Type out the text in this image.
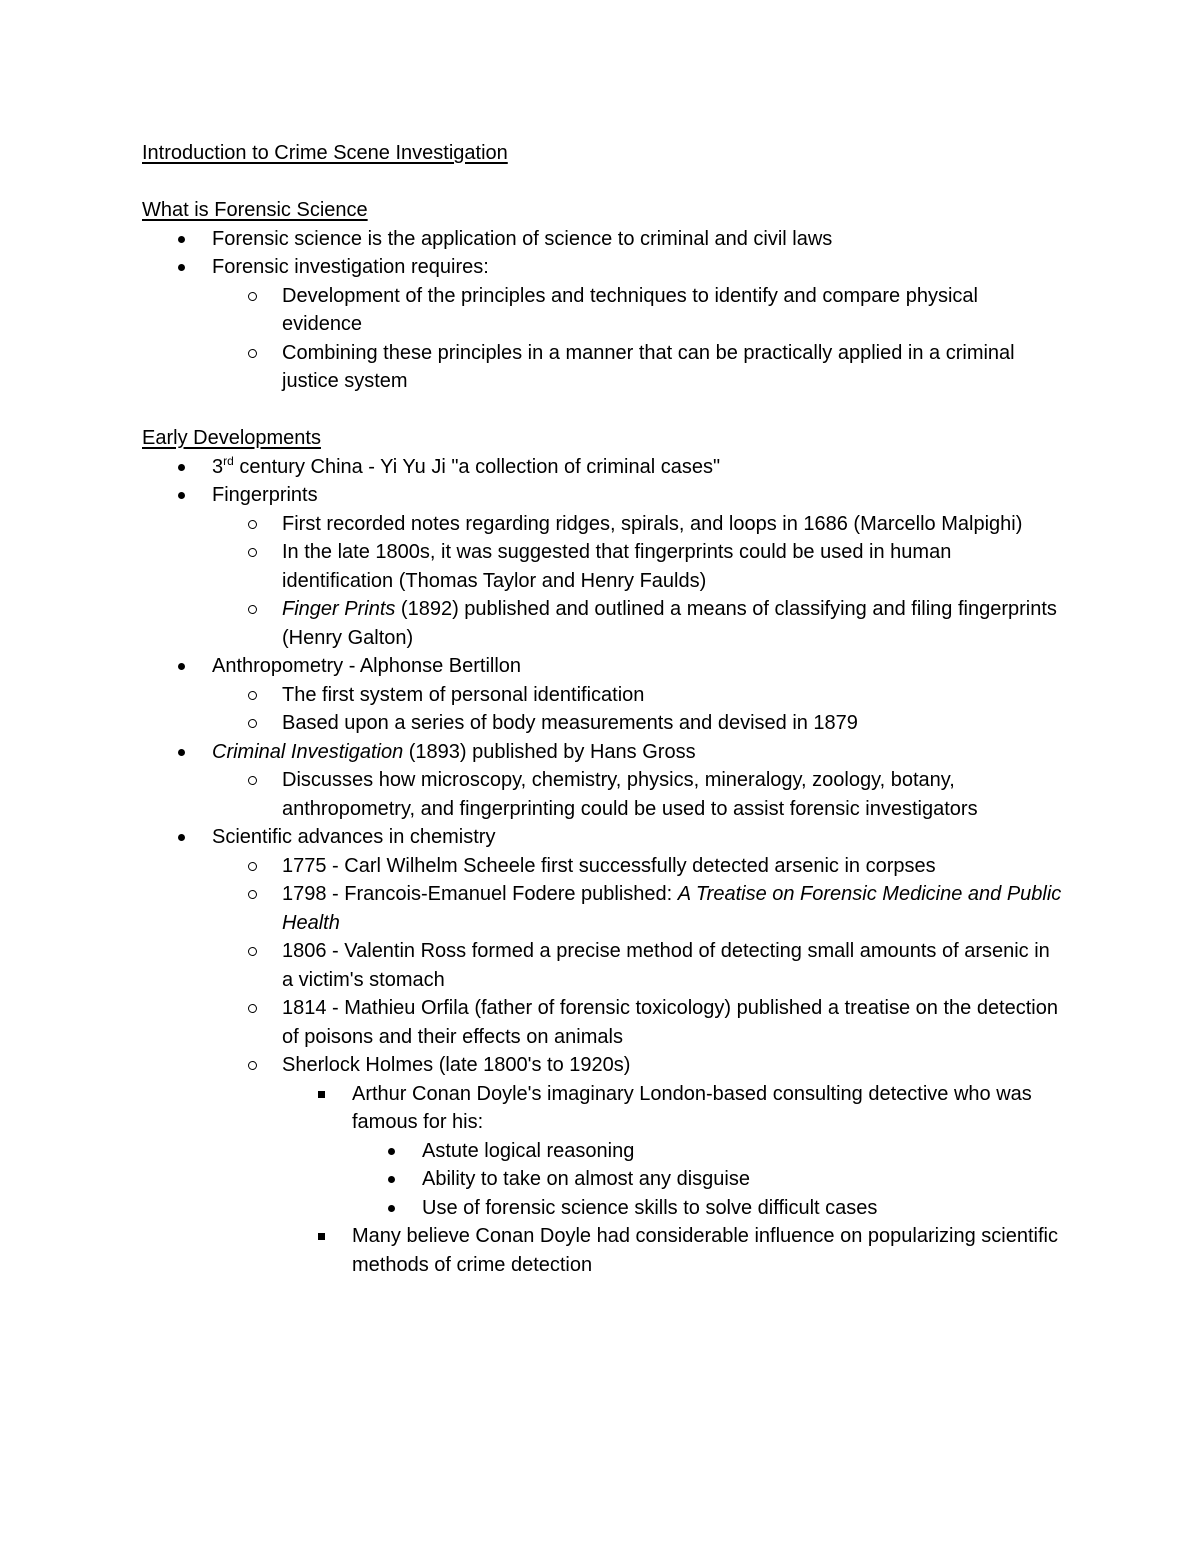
Introduction to Crime Scene Investigation
What is Forensic Science
Forensic science is the application of science to criminal and civil laws
Forensic investigation requires:
Development of the principles and techniques to identify and compare physical evidence
Combining these principles in a manner that can be practically applied in a criminal justice system
Early Developments
3rd century China - Yi Yu Ji "a collection of criminal cases"
Fingerprints
First recorded notes regarding ridges, spirals, and loops in 1686 (Marcello Malpighi)
In the late 1800s, it was suggested that fingerprints could be used in human identification (Thomas Taylor and Henry Faulds)
Finger Prints (1892) published and outlined a means of classifying and filing fingerprints (Henry Galton)
Anthropometry - Alphonse Bertillon
The first system of personal identification
Based upon a series of body measurements and devised in 1879
Criminal Investigation (1893) published by Hans Gross
Discusses how microscopy, chemistry, physics, mineralogy, zoology, botany, anthropometry, and fingerprinting could be used to assist forensic investigators
Scientific advances in chemistry
1775 - Carl Wilhelm Scheele first successfully detected arsenic in corpses
1798 - Francois-Emanuel Fodere published: A Treatise on Forensic Medicine and Public Health
1806 - Valentin Ross formed a precise method of detecting small amounts of arsenic in a victim's stomach
1814 - Mathieu Orfila (father of forensic toxicology) published a treatise on the detection of poisons and their effects on animals
Sherlock Holmes (late 1800's to 1920s)
Arthur Conan Doyle's imaginary London-based consulting detective who was famous for his:
Astute logical reasoning
Ability to take on almost any disguise
Use of forensic science skills to solve difficult cases
Many believe Conan Doyle had considerable influence on popularizing scientific methods of crime detection
